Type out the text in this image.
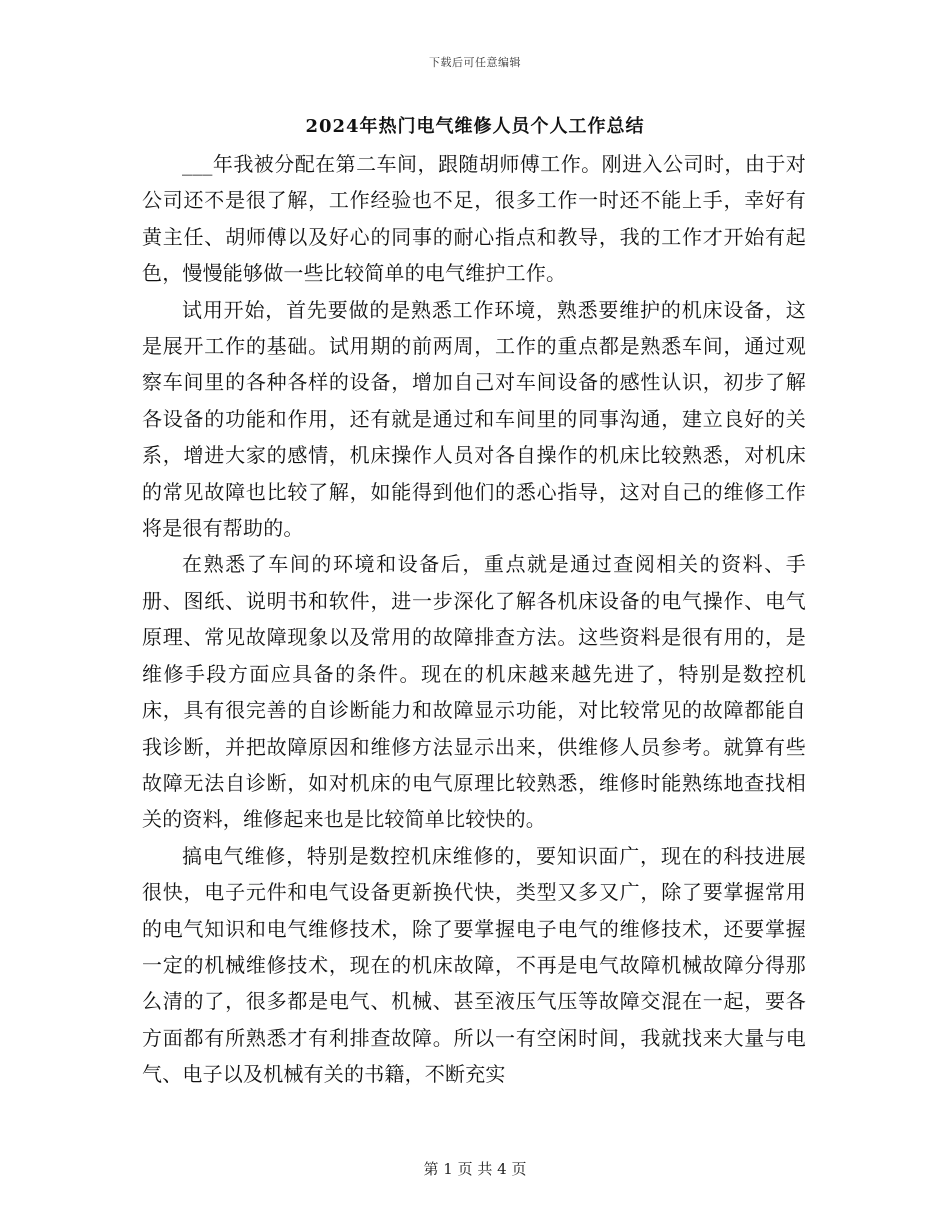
下载后可任意编辑
2024年热门电气维修人员个人工作总结

___年我被分配在第二车间，跟随胡师傅工作。刚进入公司时，由于对公司还不是很了解，工作经验也不足，很多工作一时还不能上手，幸好有黄主任、胡师傅以及好心的同事的耐心指点和教导，我的工作才开始有起色，慢慢能够做一些比较简单的电气维护工作。

试用开始，首先要做的是熟悉工作环境，熟悉要维护的机床设备，这是展开工作的基础。试用期的前两周，工作的重点都是熟悉车间，通过观察车间里的各种各样的设备，增加自己对车间设备的感性认识，初步了解各设备的功能和作用，还有就是通过和车间里的同事沟通，建立良好的关系，增进大家的感情，机床操作人员对各自操作的机床比较熟悉，对机床的常见故障也比较了解，如能得到他们的悉心指导，这对自己的维修工作将是很有帮助的。

在熟悉了车间的环境和设备后，重点就是通过查阅相关的资料、手册、图纸、说明书和软件，进一步深化了解各机床设备的电气操作、电气原理、常见故障现象以及常用的故障排查方法。这些资料是很有用的，是维修手段方面应具备的条件。现在的机床越来越先进了，特别是数控机床，具有很完善的自诊断能力和故障显示功能，对比较常见的故障都能自我诊断，并把故障原因和维修方法显示出来，供维修人员参考。就算有些故障无法自诊断，如对机床的电气原理比较熟悉，维修时能熟练地查找相关的资料，维修起来也是比较简单比较快的。

搞电气维修，特别是数控机床维修的，要知识面广，现在的科技进展很快，电子元件和电气设备更新换代快，类型又多又广，除了要掌握常用的电气知识和电气维修技术，除了要掌握电子电气的维修技术，还要掌握一定的机械维修技术，现在的机床故障，不再是电气故障机械故障分得那么清的了，很多都是电气、机械、甚至液压气压等故障交混在一起，要各方面都有所熟悉才有利排查故障。所以一有空闲时间，我就找来大量与电气、电子以及机械有关的书籍，不断充实

第 1 页 共 4 页
